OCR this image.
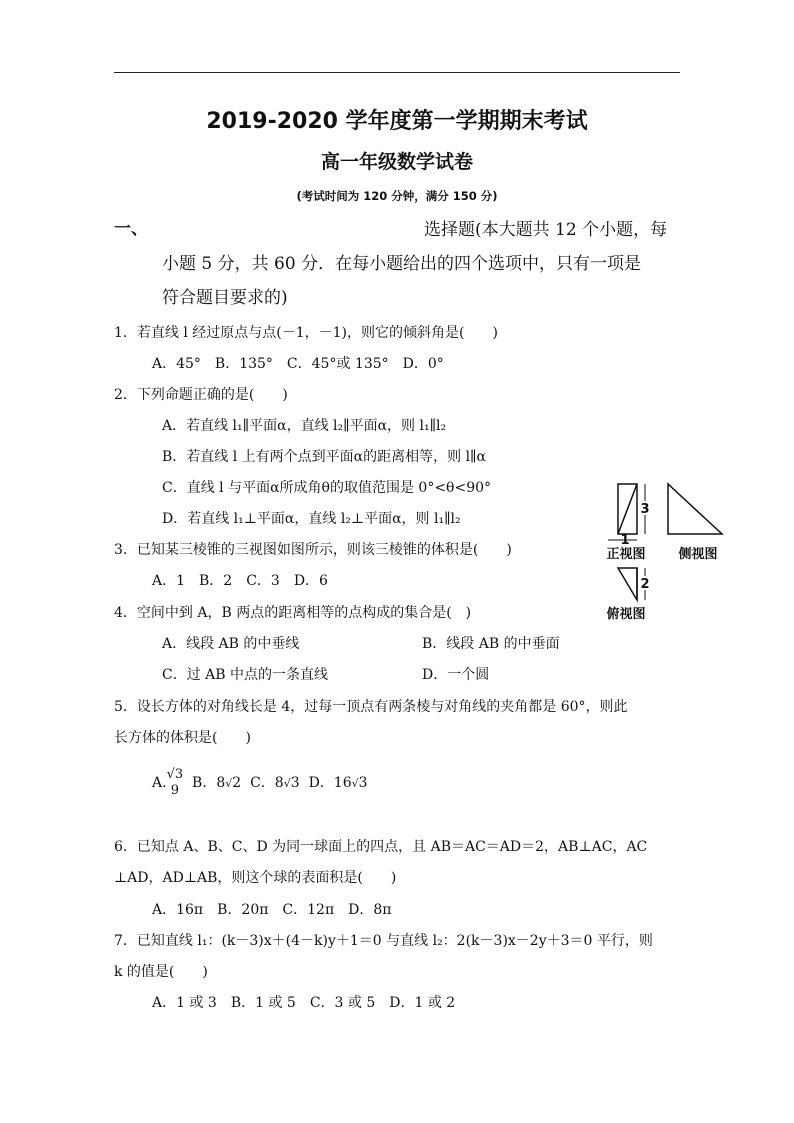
2019-2020 学年度第一学期期末考试
高一年级数学试卷
(考试时间为 120 分钟，满分 150 分)
一、	选择题(本大题共 12 个小题，每
小题 5 分，共 60 分．在每小题给出的四个选项中，只有一项是
符合题目要求的)
1．若直线 l 经过原点与点(－1，－1)，则它的倾斜角是(　　)
A．45°　B．135°　C．45°或 135°　D．0°
2．下列命题正确的是(　　)
A．若直线 l₁∥平面α，直线 l₂∥平面α，则 l₁∥l₂
B．若直线 l 上有两个点到平面α的距离相等，则 l∥α
C．直线 l 与平面α所成角θ的取值范围是 0°<θ<90°
D．若直线 l₁⊥平面α，直线 l₂⊥平面α，则 l₁∥l₂
3．已知某三棱锥的三视图如图所示，则该三棱锥的体积是(　　)
A．1　B．2　C．3　D．6
3
1
正视图	侧视图
2
俯视图
4．空间中到 A，B 两点的距离相等的点构成的集合是(　)
A．线段 AB 的中垂线	B．线段 AB 的中垂面
C．过 AB 中点的一条直线	D．一个圆
5．设长方体的对角线长是 4，过每一顶点有两条棱与对角线的夹角都是 60°，则此
长方体的体积是(　　)
A.
√3
9 B．8√2 C．8√3 D．16√3
6．已知点 A、B、C、D 为同一球面上的四点，且 AB＝AC＝AD＝2，AB⊥AC，AC
⊥AD，AD⊥AB，则这个球的表面积是(　　)
A．16π　B．20π　C．12π　D．8π
7．已知直线 l₁：(k－3)x＋(4－k)y＋1＝0 与直线 l₂：2(k－3)x－2y＋3＝0 平行，则
k 的值是(　　)
A．1 或 3　B．1 或 5　C．3 或 5　D．1 或 2
